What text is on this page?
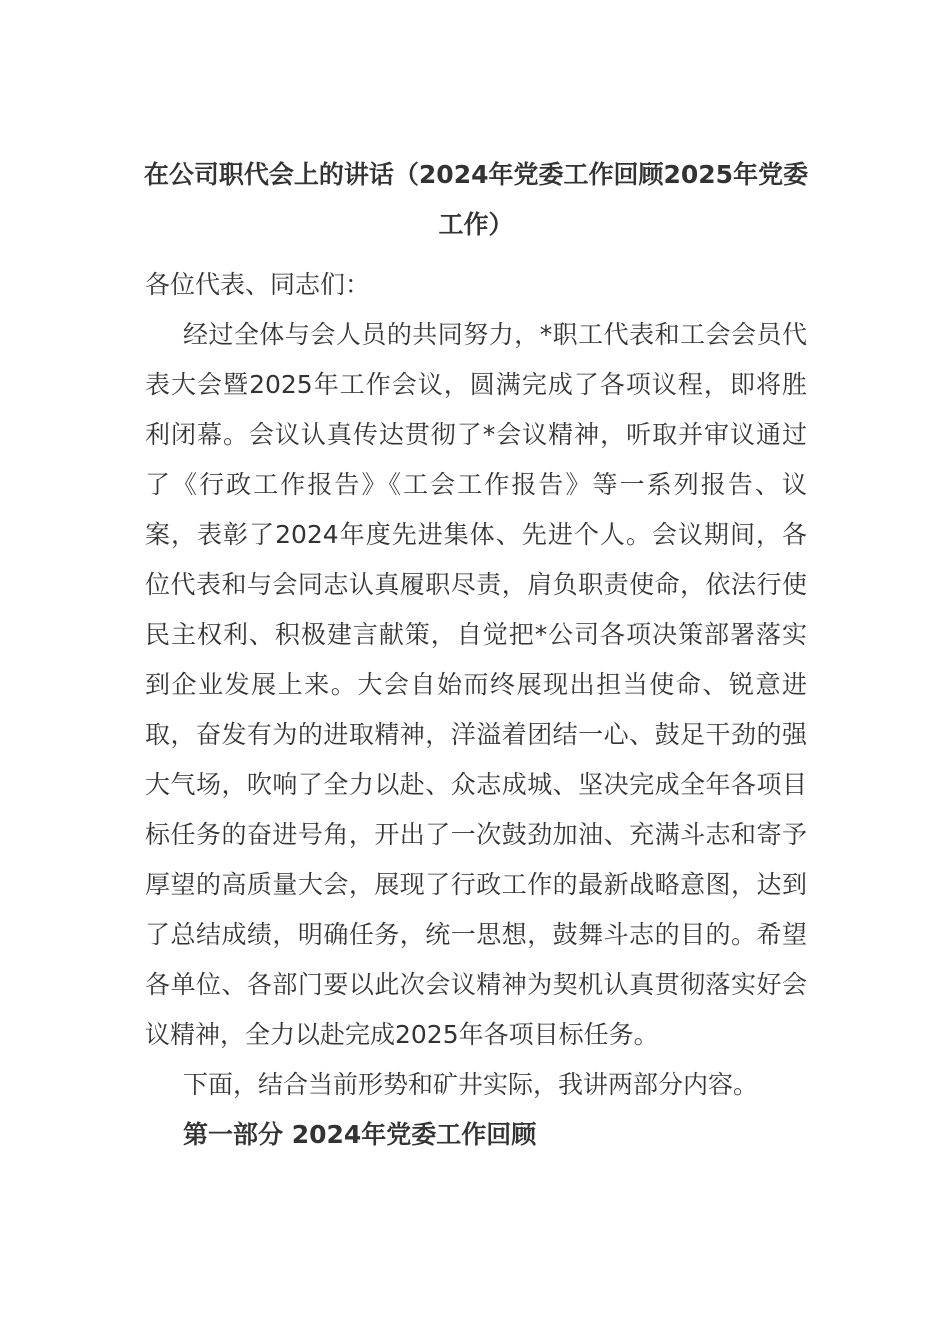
在公司职代会上的讲话（2024年党委工作回顾2025年党委工作）

各位代表、同志们：

经过全体与会人员的共同努力，*职工代表和工会会员代表大会暨2025年工作会议，圆满完成了各项议程，即将胜利闭幕。会议认真传达贯彻了*会议精神，听取并审议通过了《行政工作报告》《工会工作报告》等一系列报告、议案，表彰了2024年度先进集体、先进个人。会议期间，各位代表和与会同志认真履职尽责，肩负职责使命，依法行使民主权利、积极建言献策，自觉把*公司各项决策部署落实到企业发展上来。大会自始而终展现出担当使命、锐意进取，奋发有为的进取精神，洋溢着团结一心、鼓足干劲的强大气场，吹响了全力以赴、众志成城、坚决完成全年各项目标任务的奋进号角，开出了一次鼓劲加油、充满斗志和寄予厚望的高质量大会，展现了行政工作的最新战略意图，达到了总结成绩，明确任务，统一思想，鼓舞斗志的目的。希望各单位、各部门要以此次会议精神为契机认真贯彻落实好会议精神，全力以赴完成2025年各项目标任务。

下面，结合当前形势和矿井实际，我讲两部分内容。

第一部分 2024年党委工作回顾
